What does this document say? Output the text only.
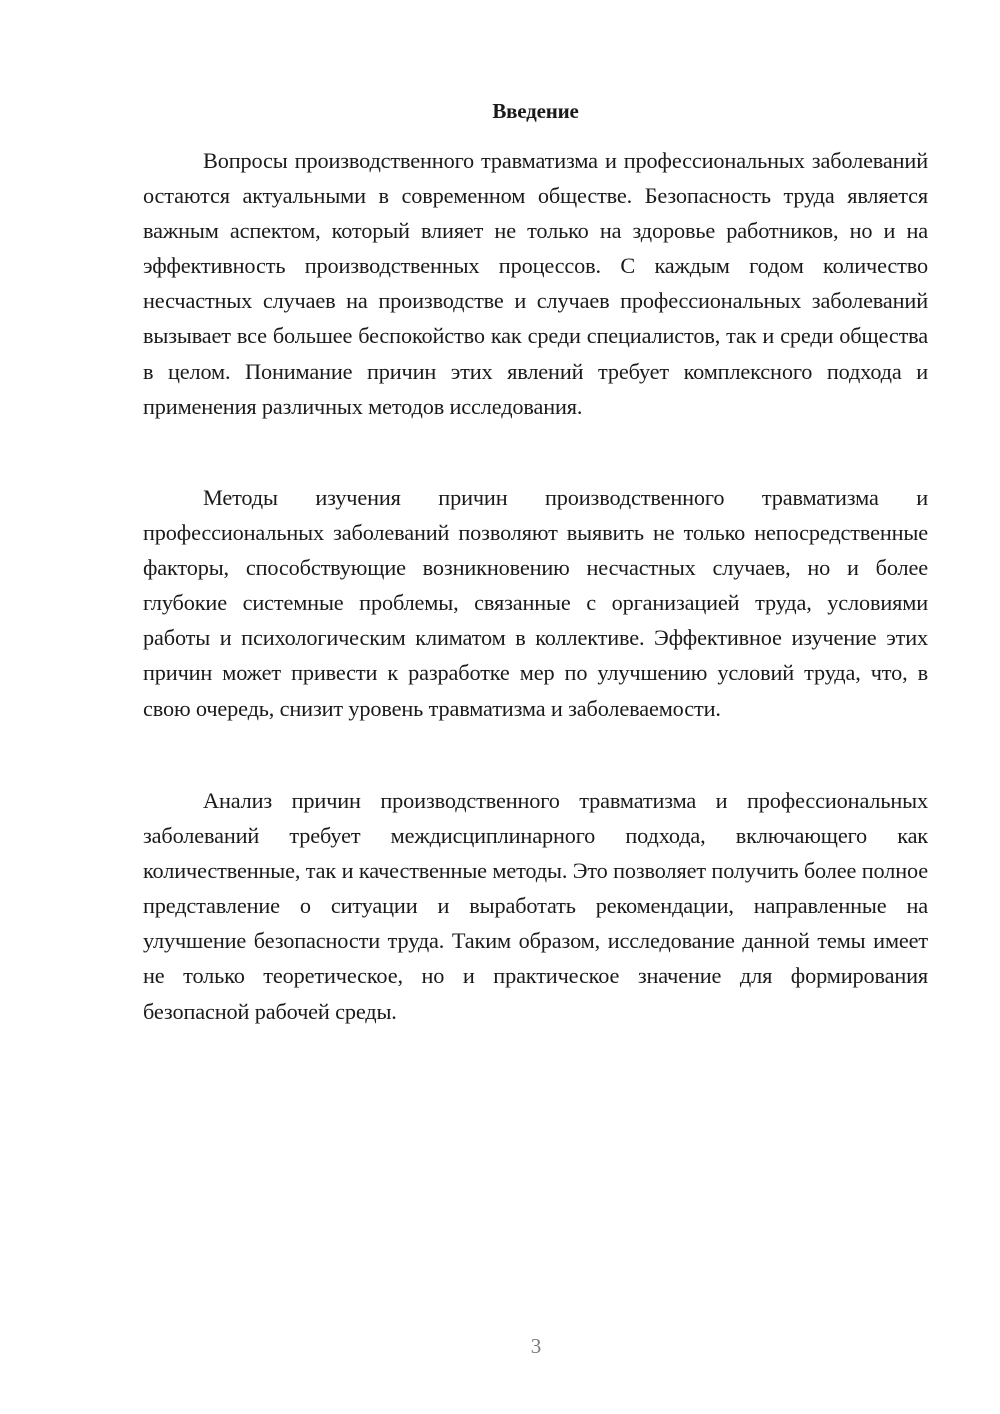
Введение

Вопросы производственного травматизма и профессиональных заболеваний остаются актуальными в современном обществе. Безопасность труда является важным аспектом, который влияет не только на здоровье работников, но и на эффективность производственных процессов. С каждым годом количество несчастных случаев на производстве и случаев профессиональных заболеваний вызывает все большее беспокойство как среди специалистов, так и среди общества в целом. Понимание причин этих явлений требует комплексного подхода и применения различных методов исследования.

Методы изучения причин производственного травматизма и профессиональных заболеваний позволяют выявить не только непосредственные факторы, способствующие возникновению несчастных случаев, но и более глубокие системные проблемы, связанные с организацией труда, условиями работы и психологическим климатом в коллективе. Эффективное изучение этих причин может привести к разработке мер по улучшению условий труда, что, в свою очередь, снизит уровень травматизма и заболеваемости.

Анализ причин производственного травматизма и профессиональных заболеваний требует междисциплинарного подхода, включающего как количественные, так и качественные методы. Это позволяет получить более полное представление о ситуации и выработать рекомендации, направленные на улучшение безопасности труда. Таким образом, исследование данной темы имеет не только теоретическое, но и практическое значение для формирования безопасной рабочей среды.

3
